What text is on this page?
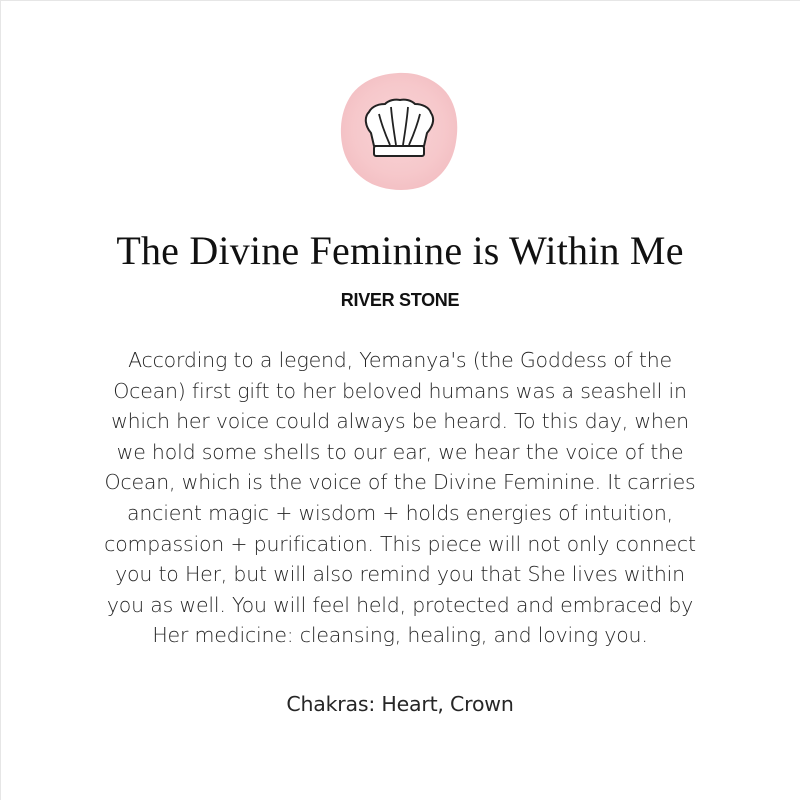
The Divine Feminine is Within Me
RIVER STONE
According to a legend, Yemanya's (the Goddess of the
Ocean) first gift to her beloved humans was a seashell in
which her voice could always be heard. To this day, when
we hold some shells to our ear, we hear the voice of the
Ocean, which is the voice of the Divine Feminine. It carries
ancient magic + wisdom + holds energies of intuition,
compassion + purification. This piece will not only connect
you to Her, but will also remind you that She lives within
you as well. You will feel held, protected and embraced by
Her medicine: cleansing, healing, and loving you.
Chakras: Heart, Crown
